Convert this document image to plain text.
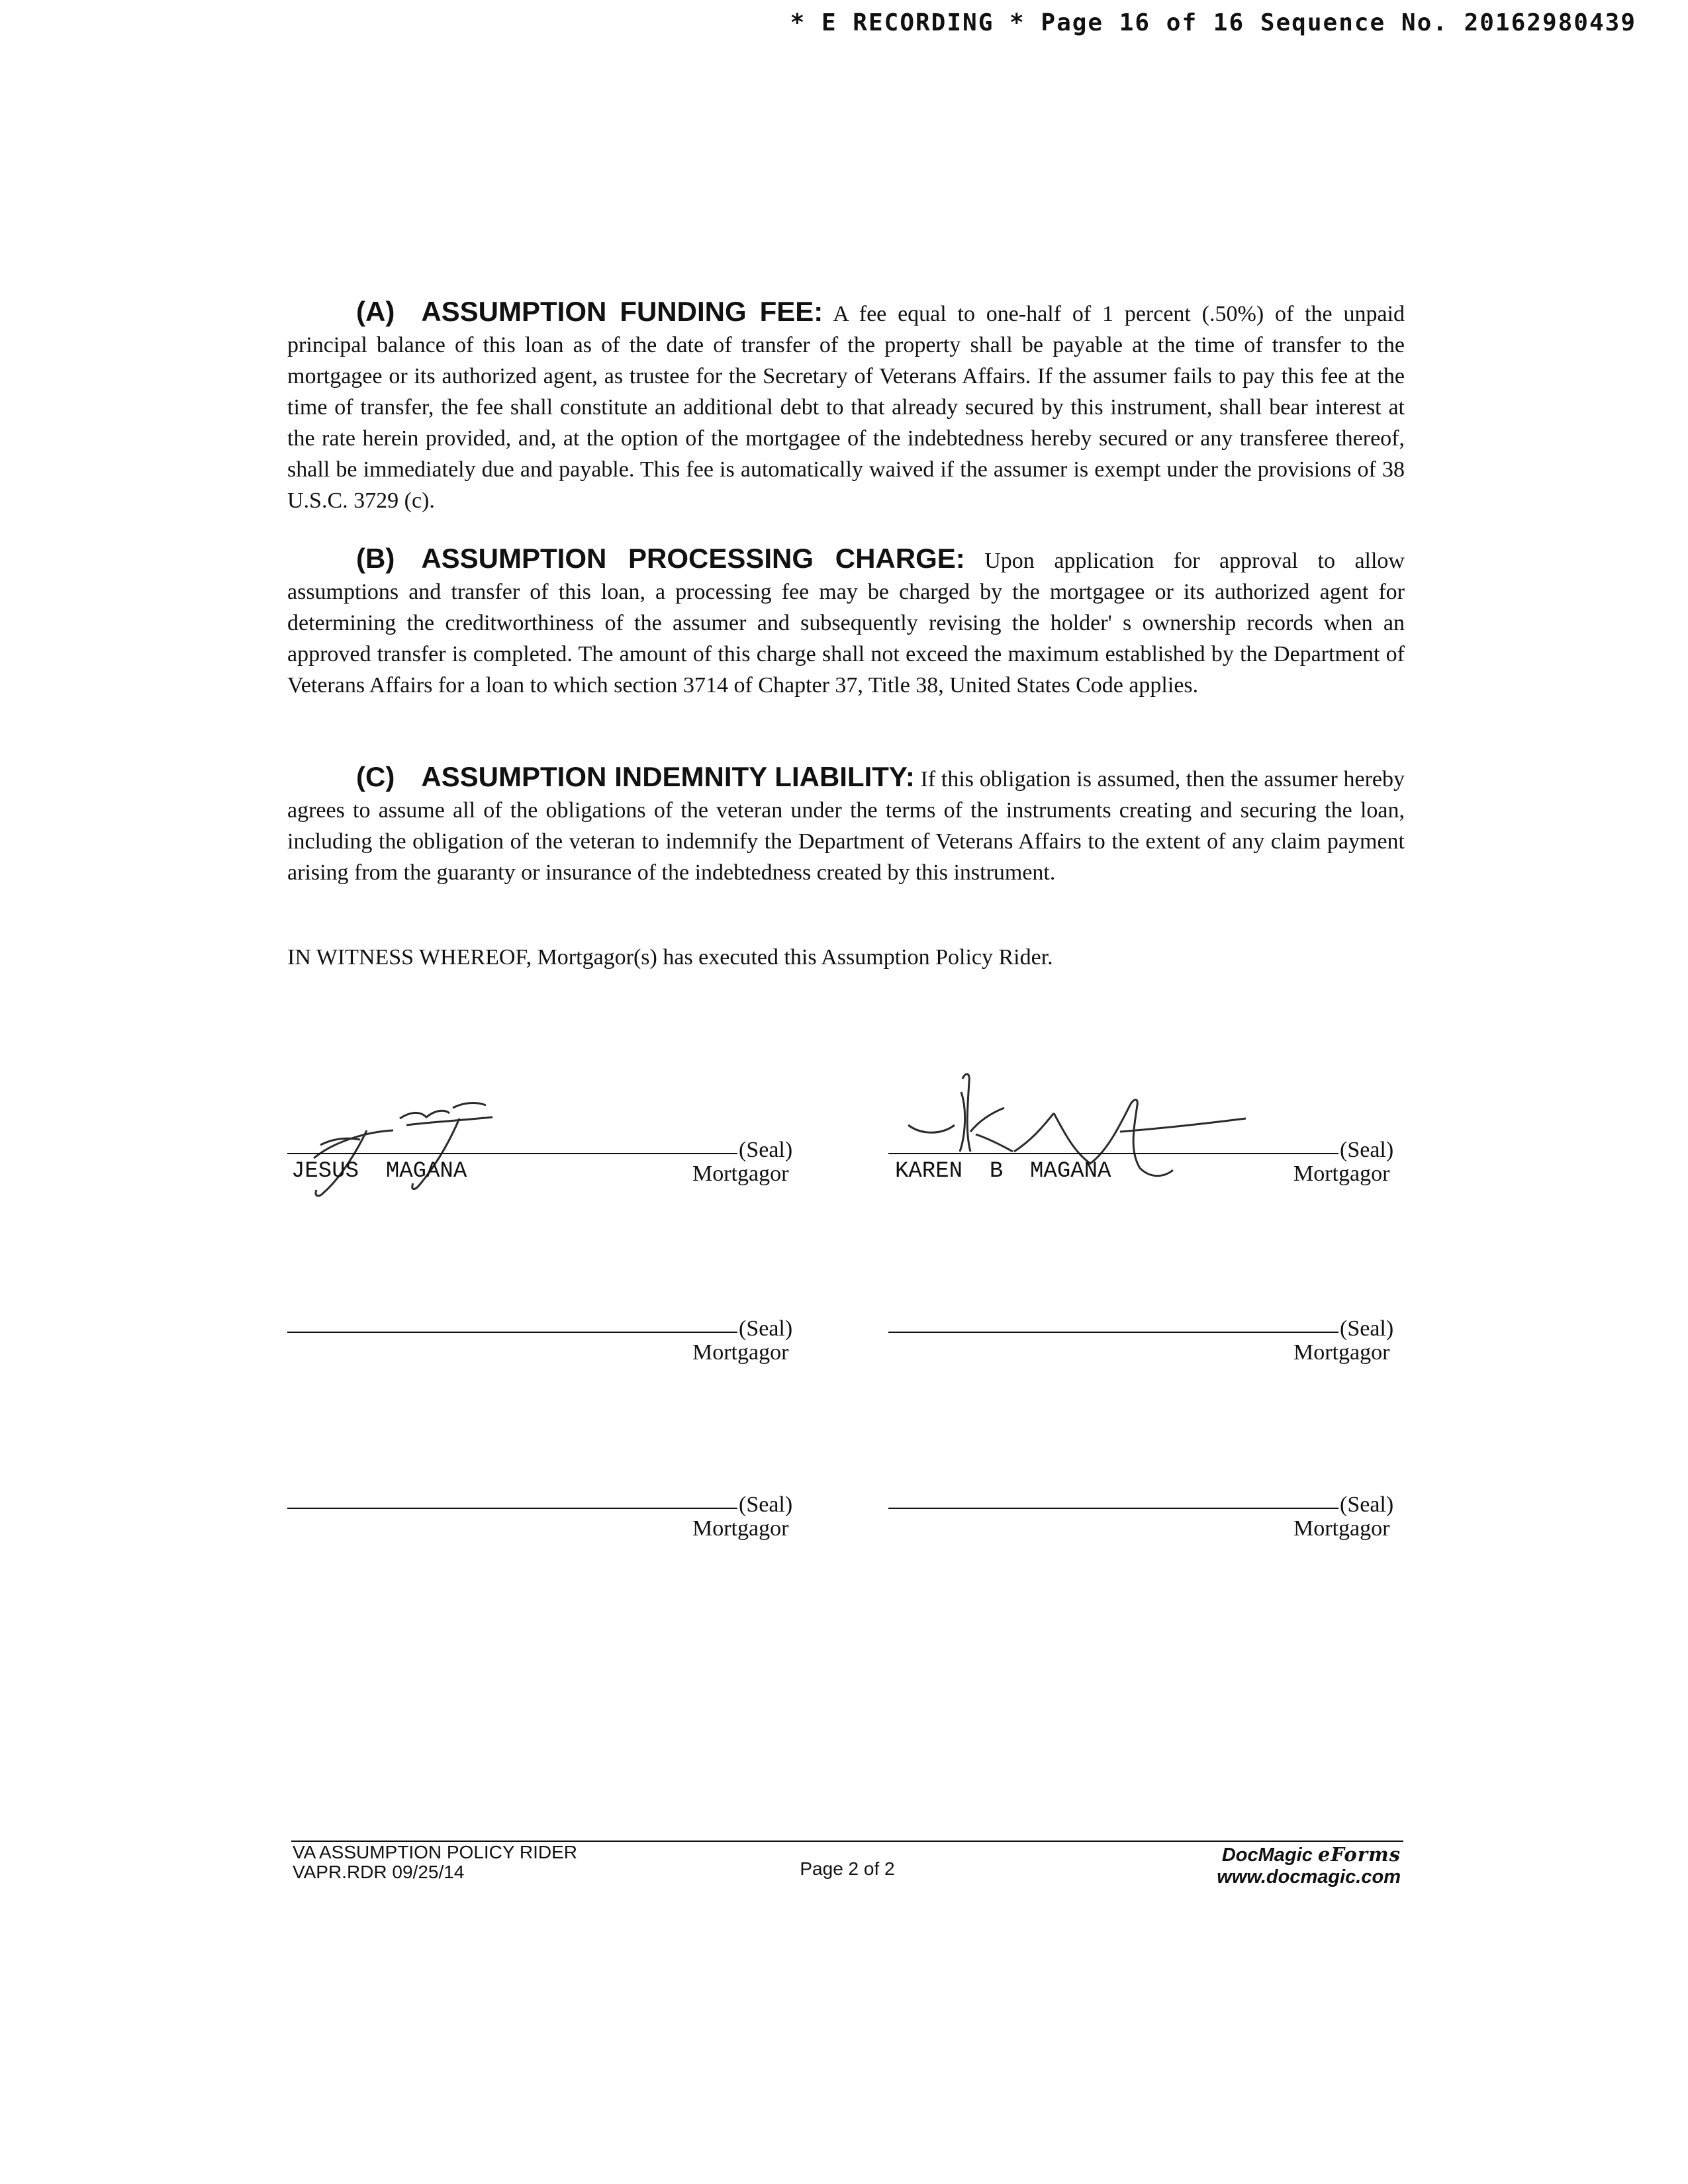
* E RECORDING * Page 16 of 16 Sequence No. 20162980439
(A) ASSUMPTION FUNDING FEE: A fee equal to one-half of 1 percent (.50%) of the unpaid principal balance of this loan as of the date of transfer of the property shall be payable at the time of transfer to the mortgagee or its authorized agent, as trustee for the Secretary of Veterans Affairs. If the assumer fails to pay this fee at the time of transfer, the fee shall constitute an additional debt to that already secured by this instrument, shall bear interest at the rate herein provided, and, at the option of the mortgagee of the indebtedness hereby secured or any transferee thereof, shall be immediately due and payable. This fee is automatically waived if the assumer is exempt under the provisions of 38 U.S.C. 3729 (c).
(B) ASSUMPTION PROCESSING CHARGE: Upon application for approval to allow assumptions and transfer of this loan, a processing fee may be charged by the mortgagee or its authorized agent for determining the creditworthiness of the assumer and subsequently revising the holder' s ownership records when an approved transfer is completed. The amount of this charge shall not exceed the maximum established by the Department of Veterans Affairs for a loan to which section 3714 of Chapter 37, Title 38, United States Code applies.
(C) ASSUMPTION INDEMNITY LIABILITY: If this obligation is assumed, then the assumer hereby agrees to assume all of the obligations of the veteran under the terms of the instruments creating and securing the loan, including the obligation of the veteran to indemnify the Department of Veterans Affairs to the extent of any claim payment arising from the guaranty or insurance of the indebtedness created by this instrument.
IN WITNESS WHEREOF, Mortgagor(s) has executed this Assumption Policy Rider.
(Seal)
JESUS  MAGANA	Mortgagor
(Seal)
KAREN  B  MAGANA	Mortgagor
(Seal)
Mortgagor
(Seal)
Mortgagor
(Seal)
Mortgagor
(Seal)
Mortgagor
VA ASSUMPTION POLICY RIDER
VAPR.RDR 09/25/14	Page 2 of 2
DocMagic eForms
www.docmagic.com
